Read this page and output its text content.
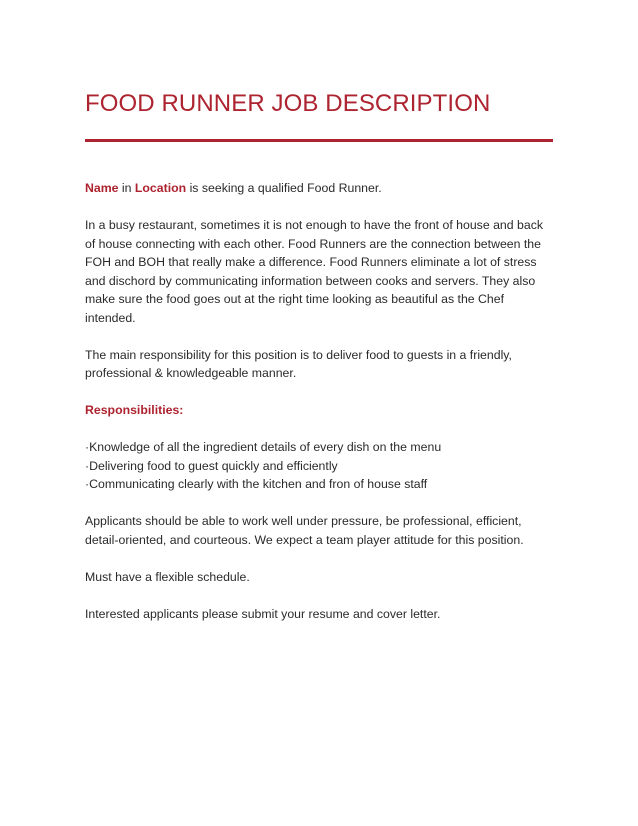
FOOD RUNNER JOB DESCRIPTION

Name in Location is seeking a qualified Food Runner.

In a busy restaurant, sometimes it is not enough to have the front of house and back of house connecting with each other. Food Runners are the connection between the FOH and BOH that really make a difference. Food Runners eliminate a lot of stress and dischord by communicating information between cooks and servers. They also make sure the food goes out at the right time looking as beautiful as the Chef intended.

The main responsibility for this position is to deliver food to guests in a friendly, professional & knowledgeable manner.

Responsibilities:

·Knowledge of all the ingredient details of every dish on the menu
·Delivering food to guest quickly and efficiently
·Communicating clearly with the kitchen and fron of house staff

Applicants should be able to work well under pressure, be professional, efficient, detail-oriented, and courteous. We expect a team player attitude for this position.

Must have a flexible schedule.

Interested applicants please submit your resume and cover letter.
